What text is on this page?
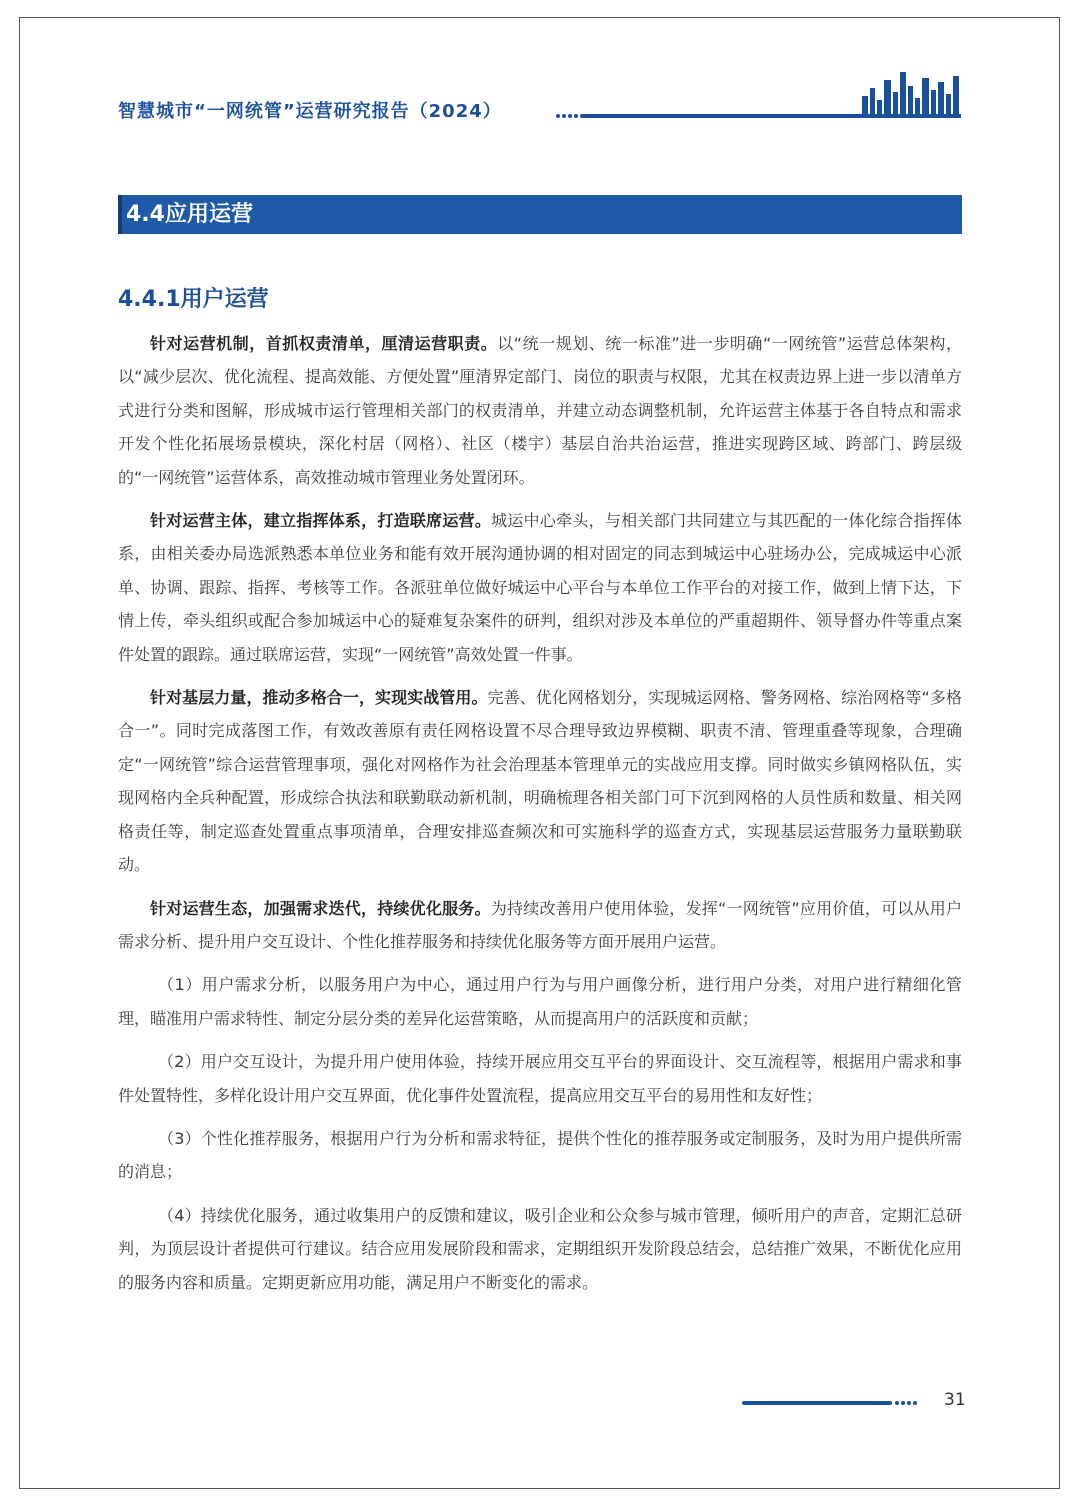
智慧城市“一网统管”运营研究报告（2024）
4.4应用运营
4.4.1用户运营

针对运营机制，首抓权责清单，厘清运营职责。以“统一规划、统一标准”进一步明确“一网统管”运营总体架构，以“减少层次、优化流程、提高效能、方便处置”厘清界定部门、岗位的职责与权限，尤其在权责边界上进一步以清单方式进行分类和图解，形成城市运行管理相关部门的权责清单，并建立动态调整机制，允许运营主体基于各自特点和需求开发个性化拓展场景模块，深化村居（网格）、社区（楼宇）基层自治共治运营，推进实现跨区域、跨部门、跨层级的“一网统管”运营体系，高效推动城市管理业务处置闭环。

针对运营主体，建立指挥体系，打造联席运营。城运中心牵头，与相关部门共同建立与其匹配的一体化综合指挥体系，由相关委办局选派熟悉本单位业务和能有效开展沟通协调的相对固定的同志到城运中心驻场办公，完成城运中心派单、协调、跟踪、指挥、考核等工作。各派驻单位做好城运中心平台与本单位工作平台的对接工作，做到上情下达，下情上传，牵头组织或配合参加城运中心的疑难复杂案件的研判，组织对涉及本单位的严重超期件、领导督办件等重点案件处置的跟踪。通过联席运营，实现“一网统管”高效处置一件事。

针对基层力量，推动多格合一，实现实战管用。完善、优化网格划分，实现城运网格、警务网格、综治网格等“多格合一”。同时完成落图工作，有效改善原有责任网格设置不尽合理导致边界模糊、职责不清、管理重叠等现象，合理确定“一网统管”综合运营管理事项，强化对网格作为社会治理基本管理单元的实战应用支撑。同时做实乡镇网格队伍，实现网格内全兵种配置，形成综合执法和联勤联动新机制，明确梳理各相关部门可下沉到网格的人员性质和数量、相关网格责任等，制定巡查处置重点事项清单，合理安排巡查频次和可实施科学的巡查方式，实现基层运营服务力量联勤联动。

针对运营生态，加强需求迭代，持续优化服务。为持续改善用户使用体验，发挥“一网统管”应用价值，可以从用户需求分析、提升用户交互设计、个性化推荐服务和持续优化服务等方面开展用户运营。

（1）用户需求分析，以服务用户为中心，通过用户行为与用户画像分析，进行用户分类，对用户进行精细化管理，瞄准用户需求特性、制定分层分类的差异化运营策略，从而提高用户的活跃度和贡献；

（2）用户交互设计，为提升用户使用体验，持续开展应用交互平台的界面设计、交互流程等，根据用户需求和事件处置特性，多样化设计用户交互界面，优化事件处置流程，提高应用交互平台的易用性和友好性；

（3）个性化推荐服务，根据用户行为分析和需求特征，提供个性化的推荐服务或定制服务，及时为用户提供所需的消息；

（4）持续优化服务，通过收集用户的反馈和建议，吸引企业和公众参与城市管理，倾听用户的声音，定期汇总研判，为顶层设计者提供可行建议。结合应用发展阶段和需求，定期组织开发阶段总结会，总结推广效果，不断优化应用的服务内容和质量。定期更新应用功能，满足用户不断变化的需求。

31
